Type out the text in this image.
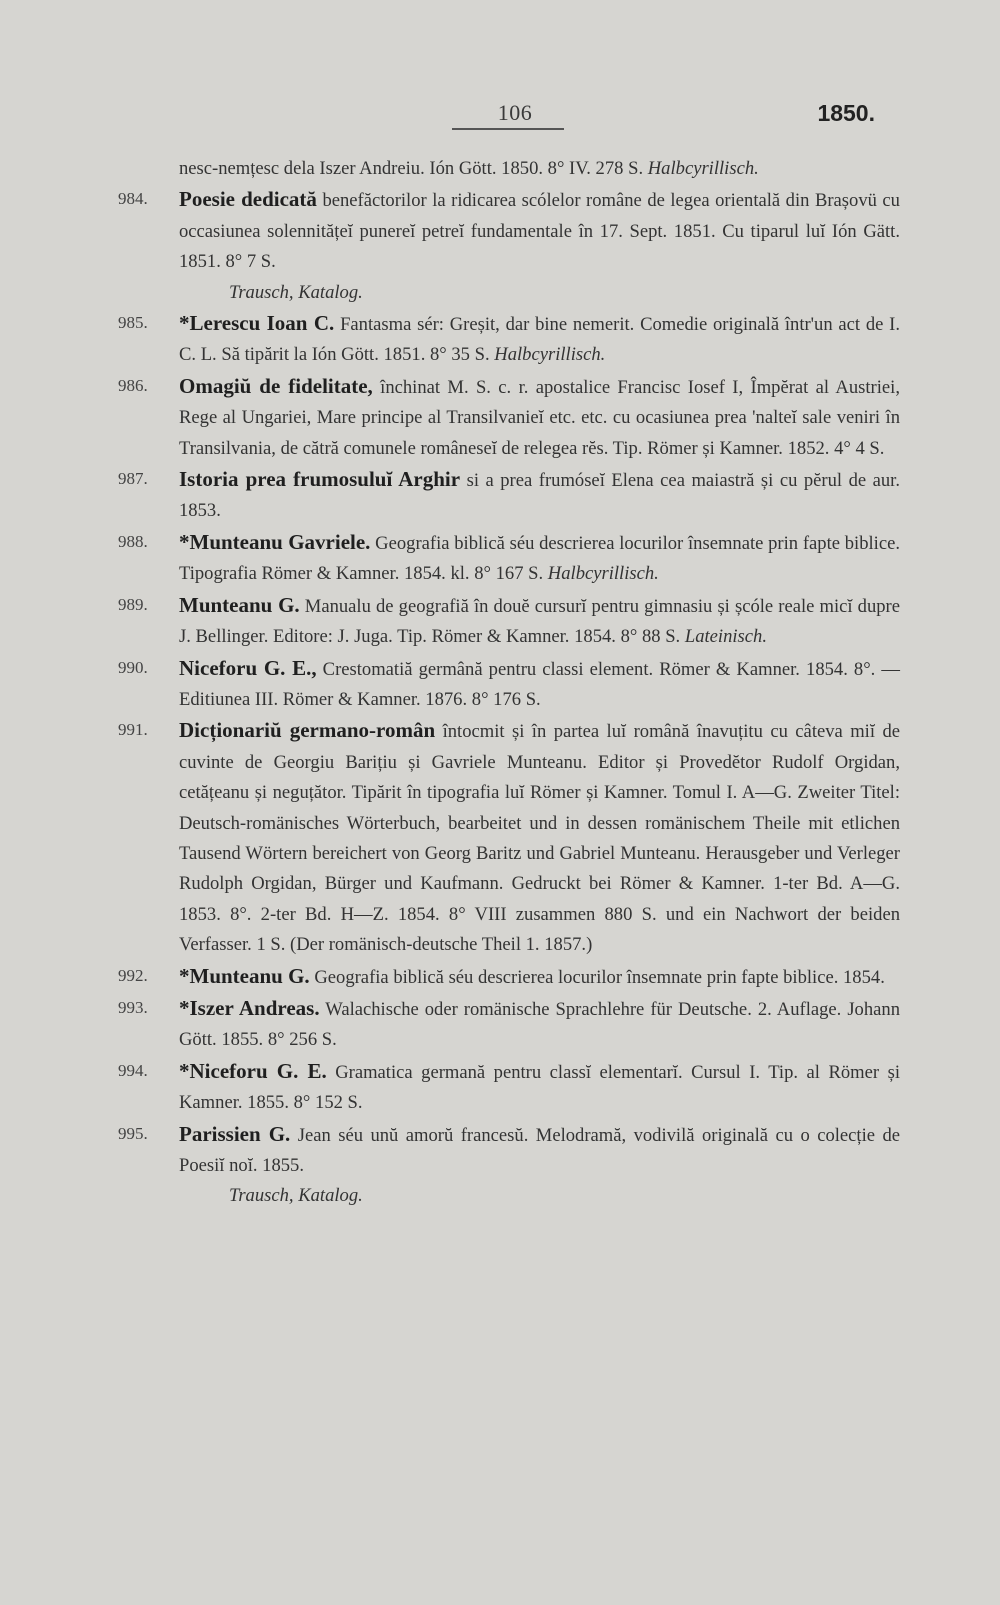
106	1850.

nesc-nemțesc dela Iszer Andreiu. Ión Gött. 1850. 8° IV. 278 S. Halbcyrillisch.

984.	Poesie dedicată benefăctorilor la ridicarea scólelor române de legea orientală din Brașovü cu occasiunea solennitățeĭ punereĭ petreĭ fundamentale în 17. Sept. 1851. Cu tiparul luĭ Ión Gätt. 1851. 8° 7 S.
Trausch, Katalog.

985.	*Lerescu Ioan C. Fantasma sér: Greșit, dar bine nemerit. Comedie originală într'un act de I. C. L. Să tipărit la Ión Gött. 1851. 8° 35 S. Halbcyrillisch.

986.	Omagiŭ de fidelitate, închinat M. S. c. r. apostalice Francisc Iosef I, Împĕrat al Austriei, Rege al Ungariei, Mare principe al Transilvanieĭ etc. etc. cu ocasiunea prea 'nalteĭ sale veniri în Transilvania, de cătră comunele româneseĭ de relegea rĕs. Tip. Römer și Kamner. 1852. 4° 4 S.

987.	Istoria prea frumosuluĭ Arghir si a prea frumóseĭ Elena cea maiastră și cu pĕrul de aur. 1853.

988.	*Munteanu Gavriele. Geografia biblică séu descrierea locurilor însemnate prin fapte biblice. Tipografia Römer & Kamner. 1854. kl. 8° 167 S. Halbcyrillisch.

989.	Munteanu G. Manualu de geografiă în douĕ cursurĭ pentru gimnasiu și șcóle reale micĭ dupre J. Bellinger. Editore: J. Juga. Tip. Römer & Kamner. 1854. 8° 88 S. Lateinisch.

990.	Niceforu G. E., Crestomatiă germână pentru classi element. Römer & Kamner. 1854. 8°. — Editiunea III. Römer & Kamner. 1876. 8° 176 S.

991.	Dicționariŭ germano-român întocmit și în partea luĭ română înavuțitu cu câteva miĭ de cuvinte de Georgiu Barițiu și Gavriele Munteanu. Editor și Provedĕtor Rudolf Orgidan, cetățeanu și neguțător. Tipărit în tipografia luĭ Römer și Kamner. Tomul I. A—G. Zweiter Titel: Deutsch-romänisches Wörterbuch, bearbeitet und in dessen romänischem Theile mit etlichen Tausend Wörtern bereichert von Georg Baritz und Gabriel Munteanu. Herausgeber und Verleger Rudolph Orgidan, Bürger und Kaufmann. Gedruckt bei Römer & Kamner. 1-ter Bd. A—G. 1853. 8°. 2-ter Bd. H—Z. 1854. 8° VIII zusammen 880 S. und ein Nachwort der beiden Verfasser. 1 S. (Der romänisch-deutsche Theil 1. 1857.)

992.	*Munteanu G. Geografia biblică séu descrierea locurilor însemnate prin fapte biblice. 1854.

993.	*Iszer Andreas. Walachische oder romänische Sprachlehre für Deutsche. 2. Auflage. Johann Gött. 1855. 8° 256 S.

994.	*Niceforu G. E. Gramatica germană pentru classĭ elementarĭ. Cursul I. Tip. al Römer și Kamner. 1855. 8° 152 S.

995.	Parissien G. Jean séu unŭ amorŭ francesŭ. Melodramă, vodivilă originală cu o colecție de Poesiĭ noĭ. 1855.
Trausch, Katalog.
